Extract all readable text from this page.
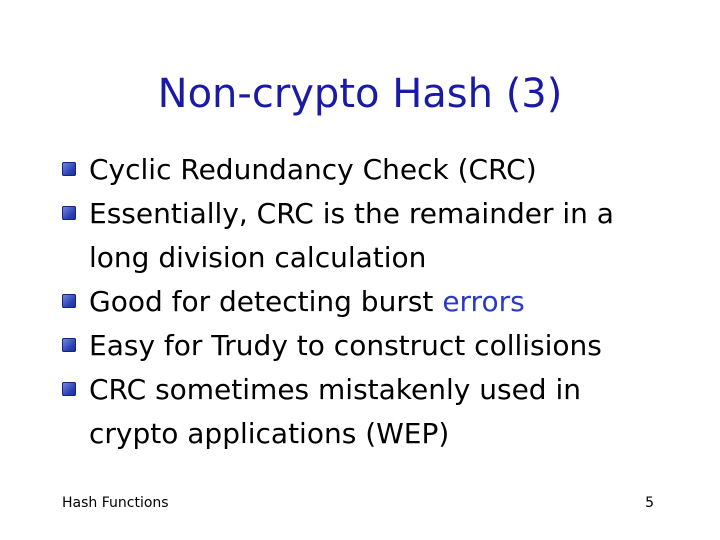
Non-crypto Hash (3)
Cyclic Redundancy Check (CRC)
Essentially, CRC is the remainder in a
long division calculation
Good for detecting burst errors
Easy for Trudy to construct collisions
CRC sometimes mistakenly used in
crypto applications (WEP)
Hash Functions	5
